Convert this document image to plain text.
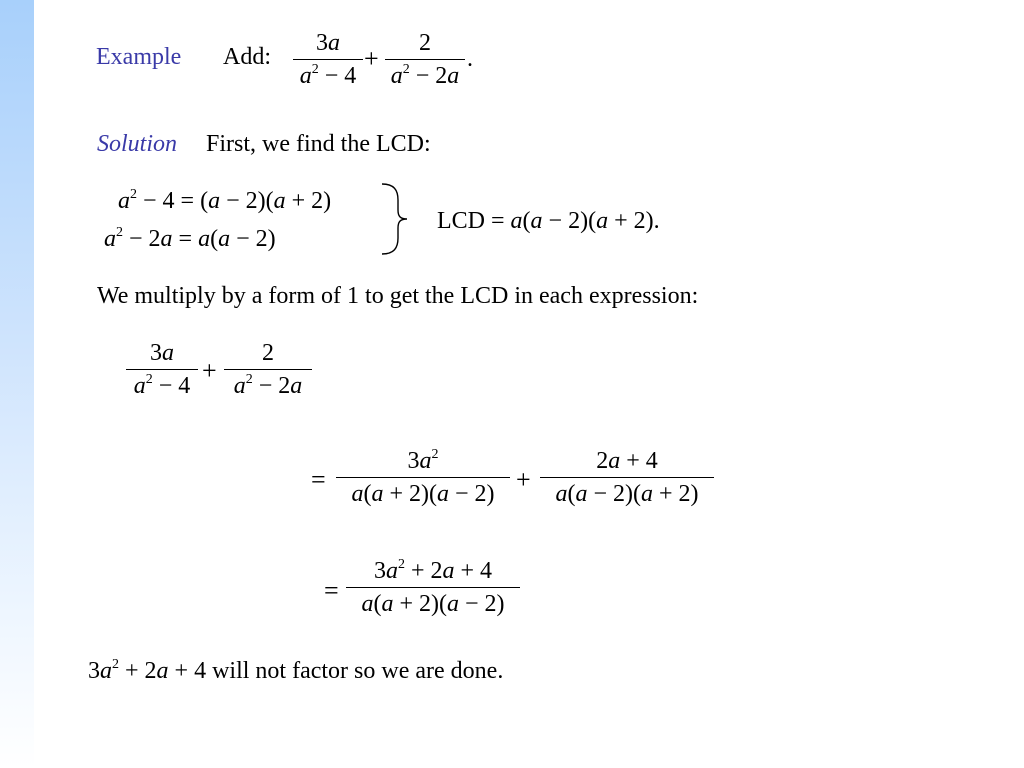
Example Add:
3a
$a^2 - 4$
+
2
$a^2 - 2a$
.
Solution First, we find the LCD:
$a^2 - 4 = (a - 2)(a + 2)$
$a^2 - 2a = a(a - 2)$
LCD = a(a − 2)(a + 2).
We multiply by a form of 1 to get the LCD in each expression:
3a
$a^2 - 4$
+
2
$a^2 - 2a$
=
$3a^2$
a(a + 2)(a − 2) +
2a + 4
a(a − 2)(a + 2)
=
$3a^2 + 2a + 4$
a(a + 2)(a − 2)
$3a^2 + 2a + 4$ will not factor so we are done.
